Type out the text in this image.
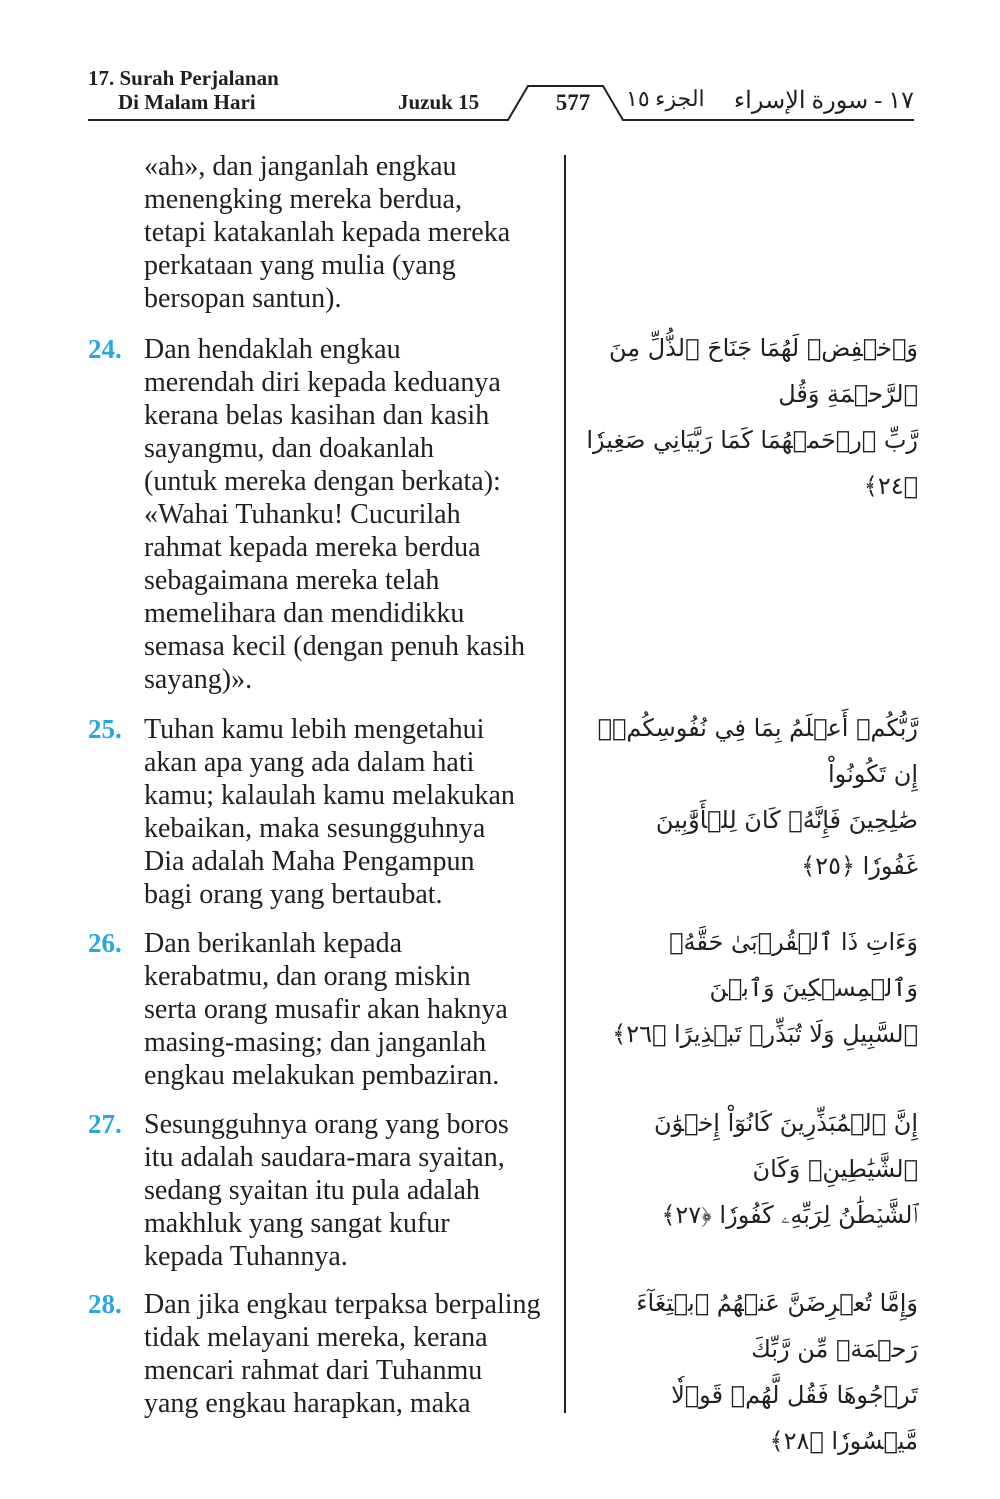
17. Surah Perjalanan
Di Malam Hari	Juzuk 15	577	الجزء ١٥ ١٧ - سورة الإسراء
«ah», dan janganlah engkau
menengking mereka berdua,
tetapi katakanlah kepada mereka
perkataan yang mulia (yang
bersopan santun).
24. Dan hendaklah engkau
merendah diri kepada keduanya
kerana belas kasihan dan kasih
sayangmu, dan doakanlah
(untuk mereka dengan berkata):
«Wahai Tuhanku! Cucurilah
rahmat kepada mereka berdua
sebagaimana mereka telah
memelihara dan mendidikku
semasa kecil (dengan penuh kasih
sayang)».
25. Tuhan kamu lebih mengetahui
akan apa yang ada dalam hati
kamu; kalaulah kamu melakukan
kebaikan, maka sesungguhnya
Dia adalah Maha Pengampun
bagi orang yang bertaubat.
26. Dan berikanlah kepada
kerabatmu, dan orang miskin
serta orang musafir akan haknya
masing-masing; dan janganlah
engkau melakukan pembaziran.
27. Sesungguhnya orang yang boros
itu adalah saudara-mara syaitan,
sedang syaitan itu pula adalah
makhluk yang sangat kufur
kepada Tuhannya.
28. Dan jika engkau terpaksa berpaling
tidak melayani mereka, kerana
mencari rahmat dari Tuhanmu
yang engkau harapkan, maka
وَٱخۡفِضۡ لَهُمَا جَنَاحَ ٱلذُّلِّ مِنَ ٱلرَّحۡمَةِ وَقُل
رَّبِّ ٱرۡحَمۡهُمَا كَمَا رَبَّيَانِي صَغِيرٗا ﴿٢٤﴾
رَّبُّكُمۡ أَعۡلَمُ بِمَا فِي نُفُوسِكُمۡۚ إِن تَكُونُواْ
صَٰلِحِينَ فَإِنَّهُۥ كَانَ لِلۡأَوَّٰبِينَ
غَفُورٗا ﴿٢٥﴾
وَءَاتِ ذَا ٱلۡقُرۡبَىٰ حَقَّهُۥ وَٱلۡمِسۡكِينَ وَٱبۡنَ
ٱلسَّبِيلِ وَلَا تُبَذِّرۡ تَبۡذِيرًا ﴿٢٦﴾
إِنَّ ٱلۡمُبَذِّرِينَ كَانُوٓاْ إِخۡوَٰنَ ٱلشَّيَٰطِينِۖ وَكَانَ
ٱلشَّيۡطَٰنُ لِرَبِّهِۦ كَفُورٗا ﴿٢٧﴾
وَإِمَّا تُعۡرِضَنَّ عَنۡهُمُ ٱبۡتِغَآءَ رَحۡمَةٖ مِّن رَّبِّكَ
تَرۡجُوهَا فَقُل لَّهُمۡ قَوۡلٗا مَّيۡسُورٗا ﴿٢٨﴾
